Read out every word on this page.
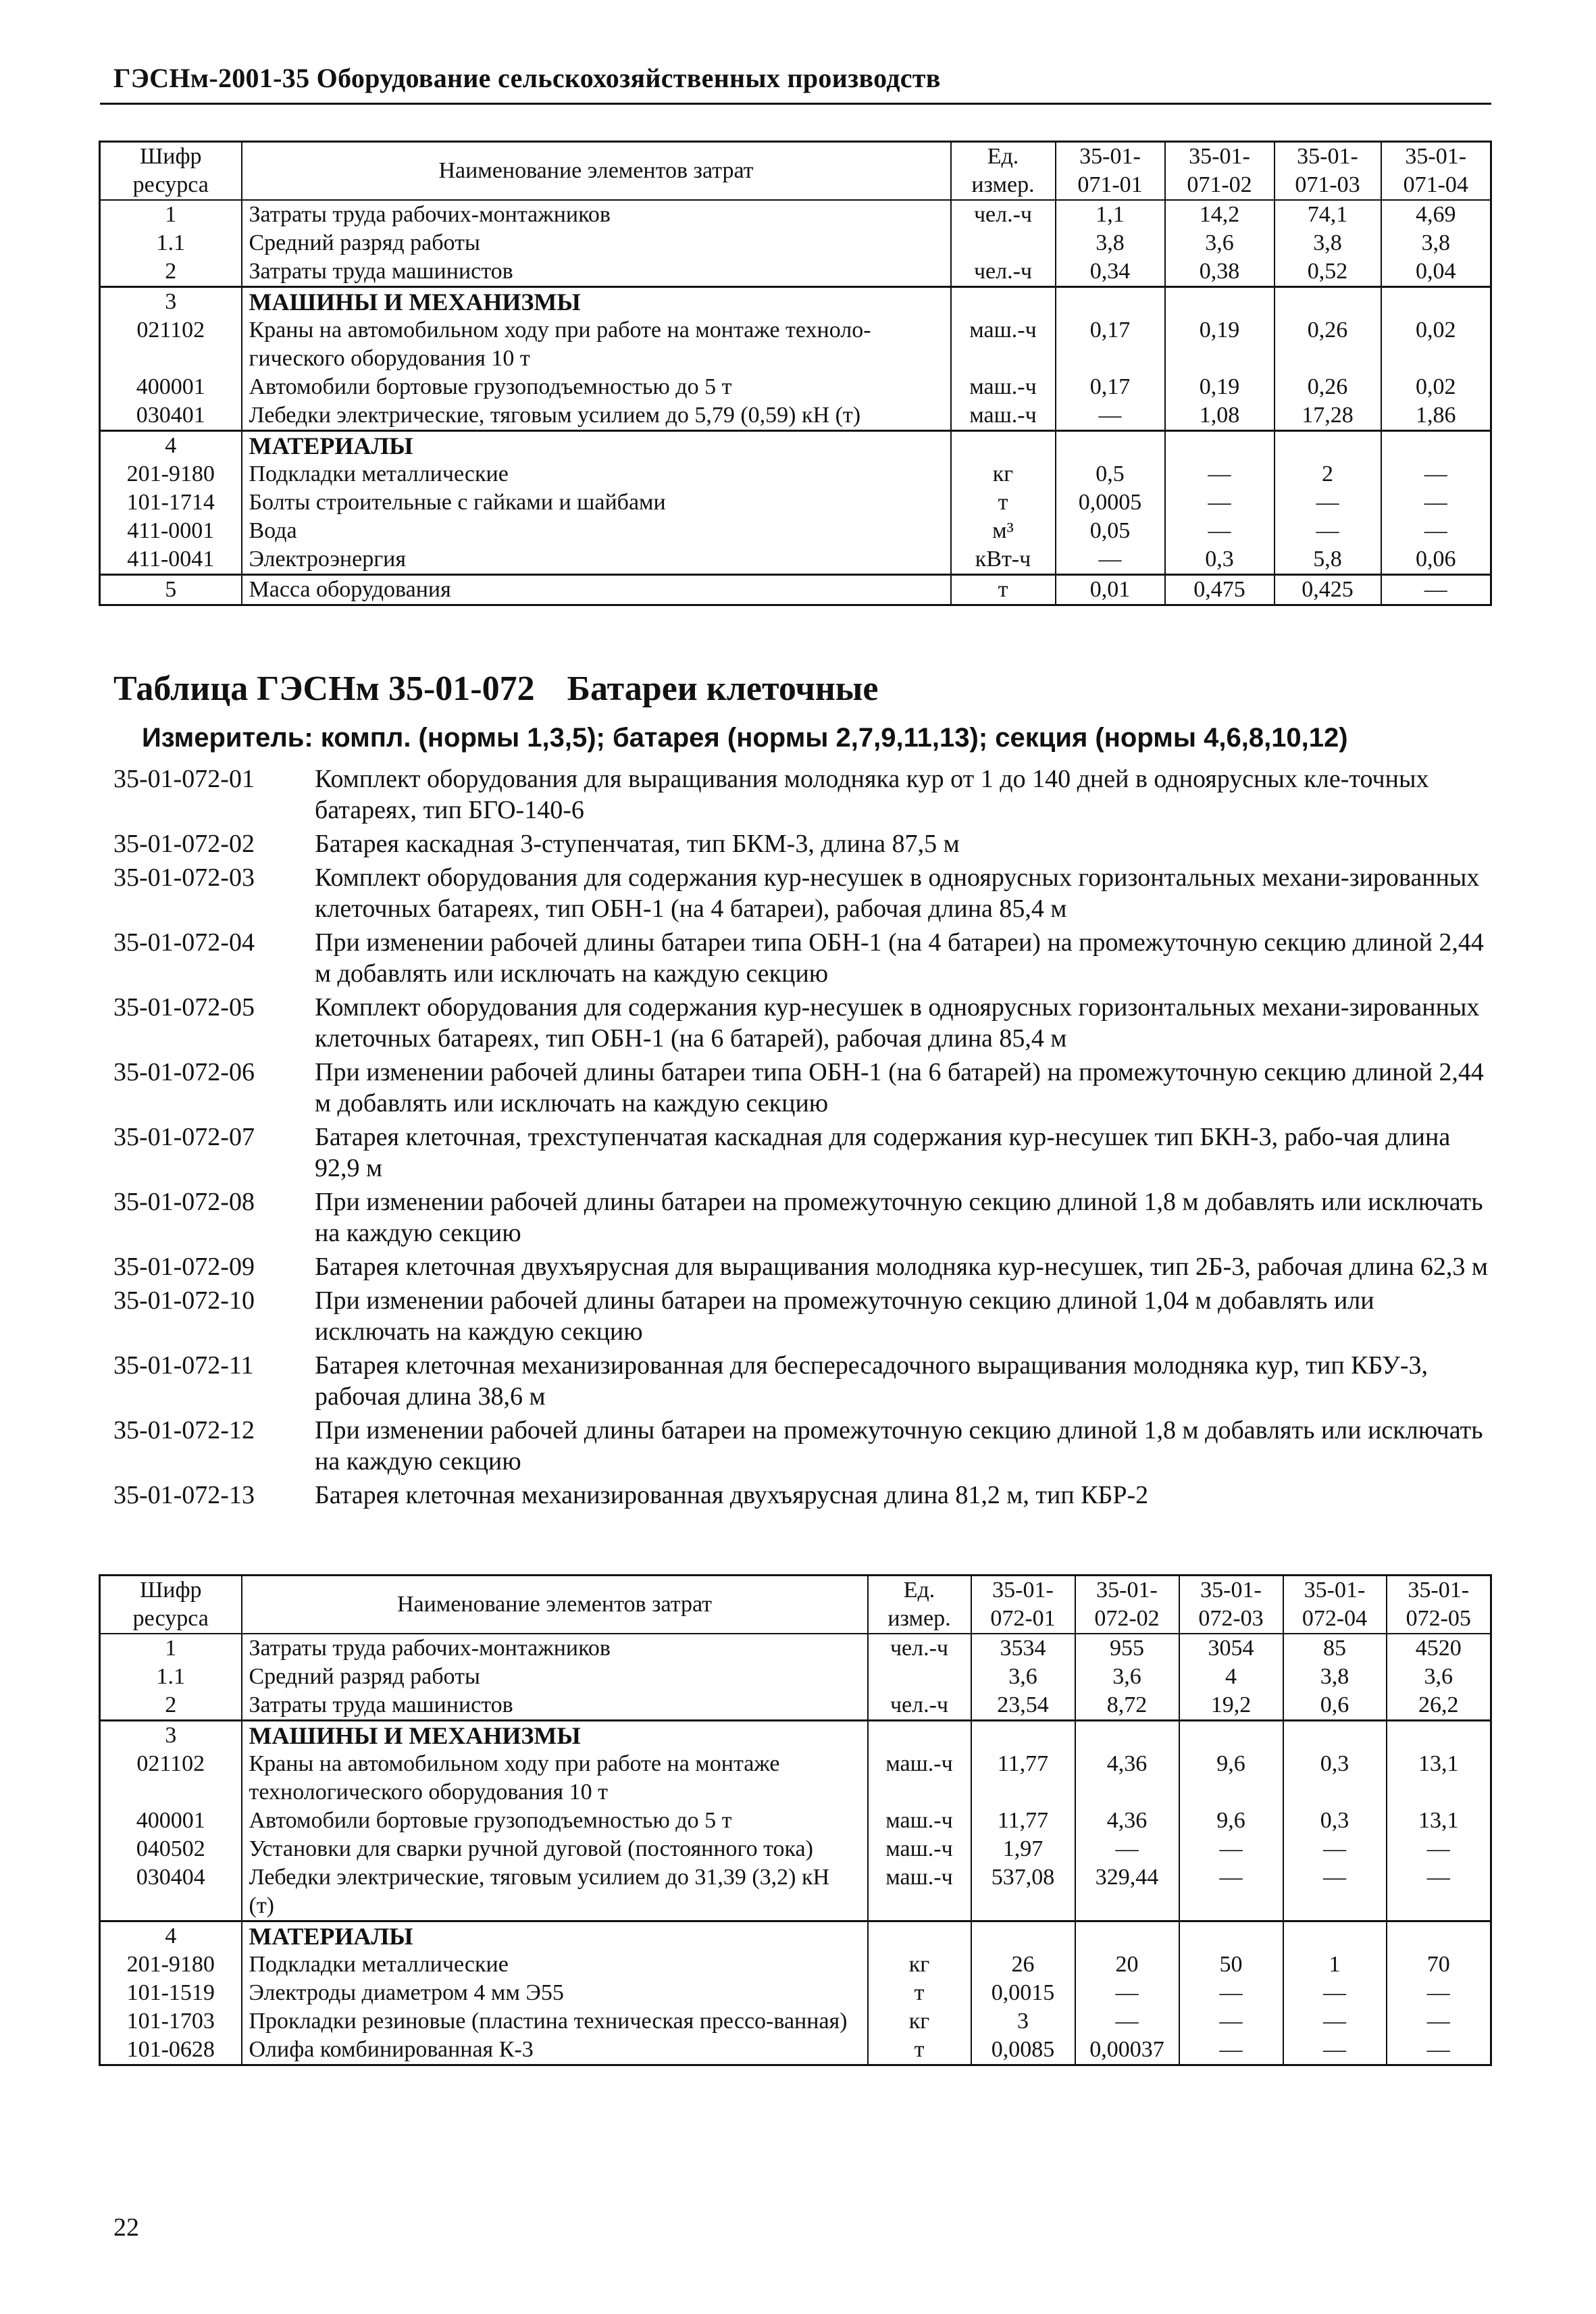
ГЭСНм-2001-35 Оборудование сельскохозяйственных производств
Шифр ресурса	Наименование элементов затрат	Ед. измер.	35-01-071-01	35-01-071-02	35-01-071-03	35-01-071-04
1	Затраты труда рабочих-монтажников	чел.-ч	1,1	14,2	74,1	4,69
1.1	Средний разряд работы		3,8	3,6	3,8	3,8
2	Затраты труда машинистов	чел.-ч	0,34	0,38	0,52	0,04
3	МАШИНЫ И МЕХАНИЗМЫ					
021102	Краны на автомобильном ходу при работе на монтаже техноло-гического оборудования 10 т	маш.-ч	0,17	0,19	0,26	0,02
400001	Автомобили бортовые грузоподъемностью до 5 т	маш.-ч	0,17	0,19	0,26	0,02
030401	Лебедки электрические, тяговым усилием до 5,79 (0,59) кН (т)	маш.-ч	—	1,08	17,28	1,86
4	МАТЕРИАЛЫ					
201-9180	Подкладки металлические	кг	0,5	—	2	—
101-1714	Болты строительные с гайками и шайбами	т	0,0005	—	—	—
411-0001	Вода	м³	0,05	—	—	—
411-0041	Электроэнергия	кВт-ч	—	0,3	5,8	0,06
5	Масса оборудования	т	0,01	0,475	0,425	—
Таблица ГЭСНм 35-01-072 Батареи клеточные
Измеритель: компл. (нормы 1,3,5); батарея (нормы 2,7,9,11,13); секция (нормы 4,6,8,10,12)
35-01-072-01	Комплект оборудования для выращивания молодняка кур от 1 до 140 дней в одноярусных кле-точных батареях, тип БГО-140-6
35-01-072-02	Батарея каскадная 3-ступенчатая, тип БКМ-3, длина 87,5 м
35-01-072-03	Комплект оборудования для содержания кур-несушек в одноярусных горизонтальных механи-зированных клеточных батареях, тип ОБН-1 (на 4 батареи), рабочая длина 85,4 м
35-01-072-04	При изменении рабочей длины батареи типа ОБН-1 (на 4 батареи) на промежуточную секцию длиной 2,44 м добавлять или исключать на каждую секцию
35-01-072-05	Комплект оборудования для содержания кур-несушек в одноярусных горизонтальных механи-зированных клеточных батареях, тип ОБН-1 (на 6 батарей), рабочая длина 85,4 м
35-01-072-06	При изменении рабочей длины батареи типа ОБН-1 (на 6 батарей) на промежуточную секцию длиной 2,44 м добавлять или исключать на каждую секцию
35-01-072-07	Батарея клеточная, трехступенчатая каскадная для содержания кур-несушек тип БКН-3, рабо-чая длина 92,9 м
35-01-072-08	При изменении рабочей длины батареи на промежуточную секцию длиной 1,8 м добавлять или исключать на каждую секцию
35-01-072-09	Батарея клеточная двухъярусная для выращивания молодняка кур-несушек, тип 2Б-3, рабочая длина 62,3 м
35-01-072-10	При изменении рабочей длины батареи на промежуточную секцию длиной 1,04 м добавлять или исключать на каждую секцию
35-01-072-11	Батарея клеточная механизированная для беспересадочного выращивания молодняка кур, тип КБУ-3, рабочая длина 38,6 м
35-01-072-12	При изменении рабочей длины батареи на промежуточную секцию длиной 1,8 м добавлять или исключать на каждую секцию
35-01-072-13	Батарея клеточная механизированная двухъярусная длина 81,2 м, тип КБР-2
Шифр ресурса	Наименование элементов затрат	Ед. измер.	35-01-072-01	35-01-072-02	35-01-072-03	35-01-072-04	35-01-072-05
1	Затраты труда рабочих-монтажников	чел.-ч	3534	955	3054	85	4520
1.1	Средний разряд работы		3,6	3,6	4	3,8	3,6
2	Затраты труда машинистов	чел.-ч	23,54	8,72	19,2	0,6	26,2
3	МАШИНЫ И МЕХАНИЗМЫ						
021102	Краны на автомобильном ходу при работе на монтаже технологического оборудования 10 т	маш.-ч	11,77	4,36	9,6	0,3	13,1
400001	Автомобили бортовые грузоподъемностью до 5 т	маш.-ч	11,77	4,36	9,6	0,3	13,1
040502	Установки для сварки ручной дуговой (постоянного тока)	маш.-ч	1,97	—	—	—	—
030404	Лебедки электрические, тяговым усилием до 31,39 (3,2) кН (т)	маш.-ч	537,08	329,44	—	—	—
4	МАТЕРИАЛЫ						
201-9180	Подкладки металлические	кг	26	20	50	1	70
101-1519	Электроды диаметром 4 мм Э55	т	0,0015	—	—	—	—
101-1703	Прокладки резиновые (пластина техническая прессо-ванная)	кг	3	—	—	—	—
101-0628	Олифа комбинированная К-3	т	0,0085	0,00037	—	—	—
22
